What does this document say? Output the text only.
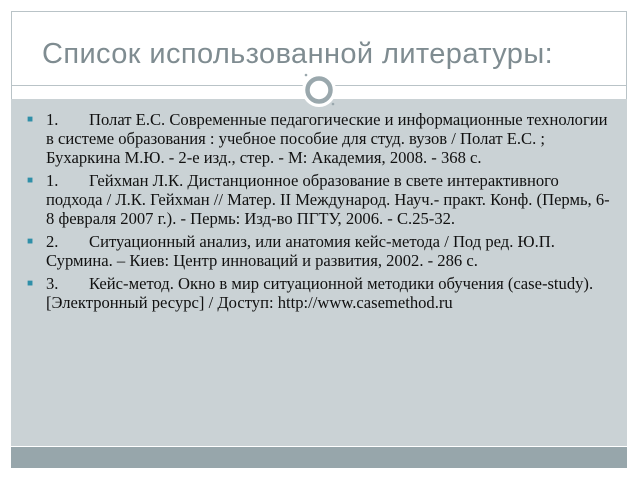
Список использованной литературы:
■ 1. Полат Е.С. Современные педагогические и информационные технологии в системе образования : учебное пособие для студ. вузов / Полат Е.С. ; Бухаркина М.Ю. - 2-е изд., стер. - М: Академия, 2008. - 368 с.
■ 1. Гейхман Л.К. Дистанционное образование в свете интерактивного подхода / Л.К. Гейхман // Матер. II Международ. Науч.- практ. Конф. (Пермь, 6-8 февраля 2007 г.). - Пермь: Изд-во ПГТУ, 2006. - С.25-32.
■ 2. Ситуационный анализ, или анатомия кейс-метода / Под ред. Ю.П. Сурмина. – Киев: Центр инноваций и развития, 2002. - 286 с.
■ 3. Кейс-метод. Окно в мир ситуационной методики обучения (case-study). [Электронный ресурс] / Доступ: http://www.casemethod.ru
